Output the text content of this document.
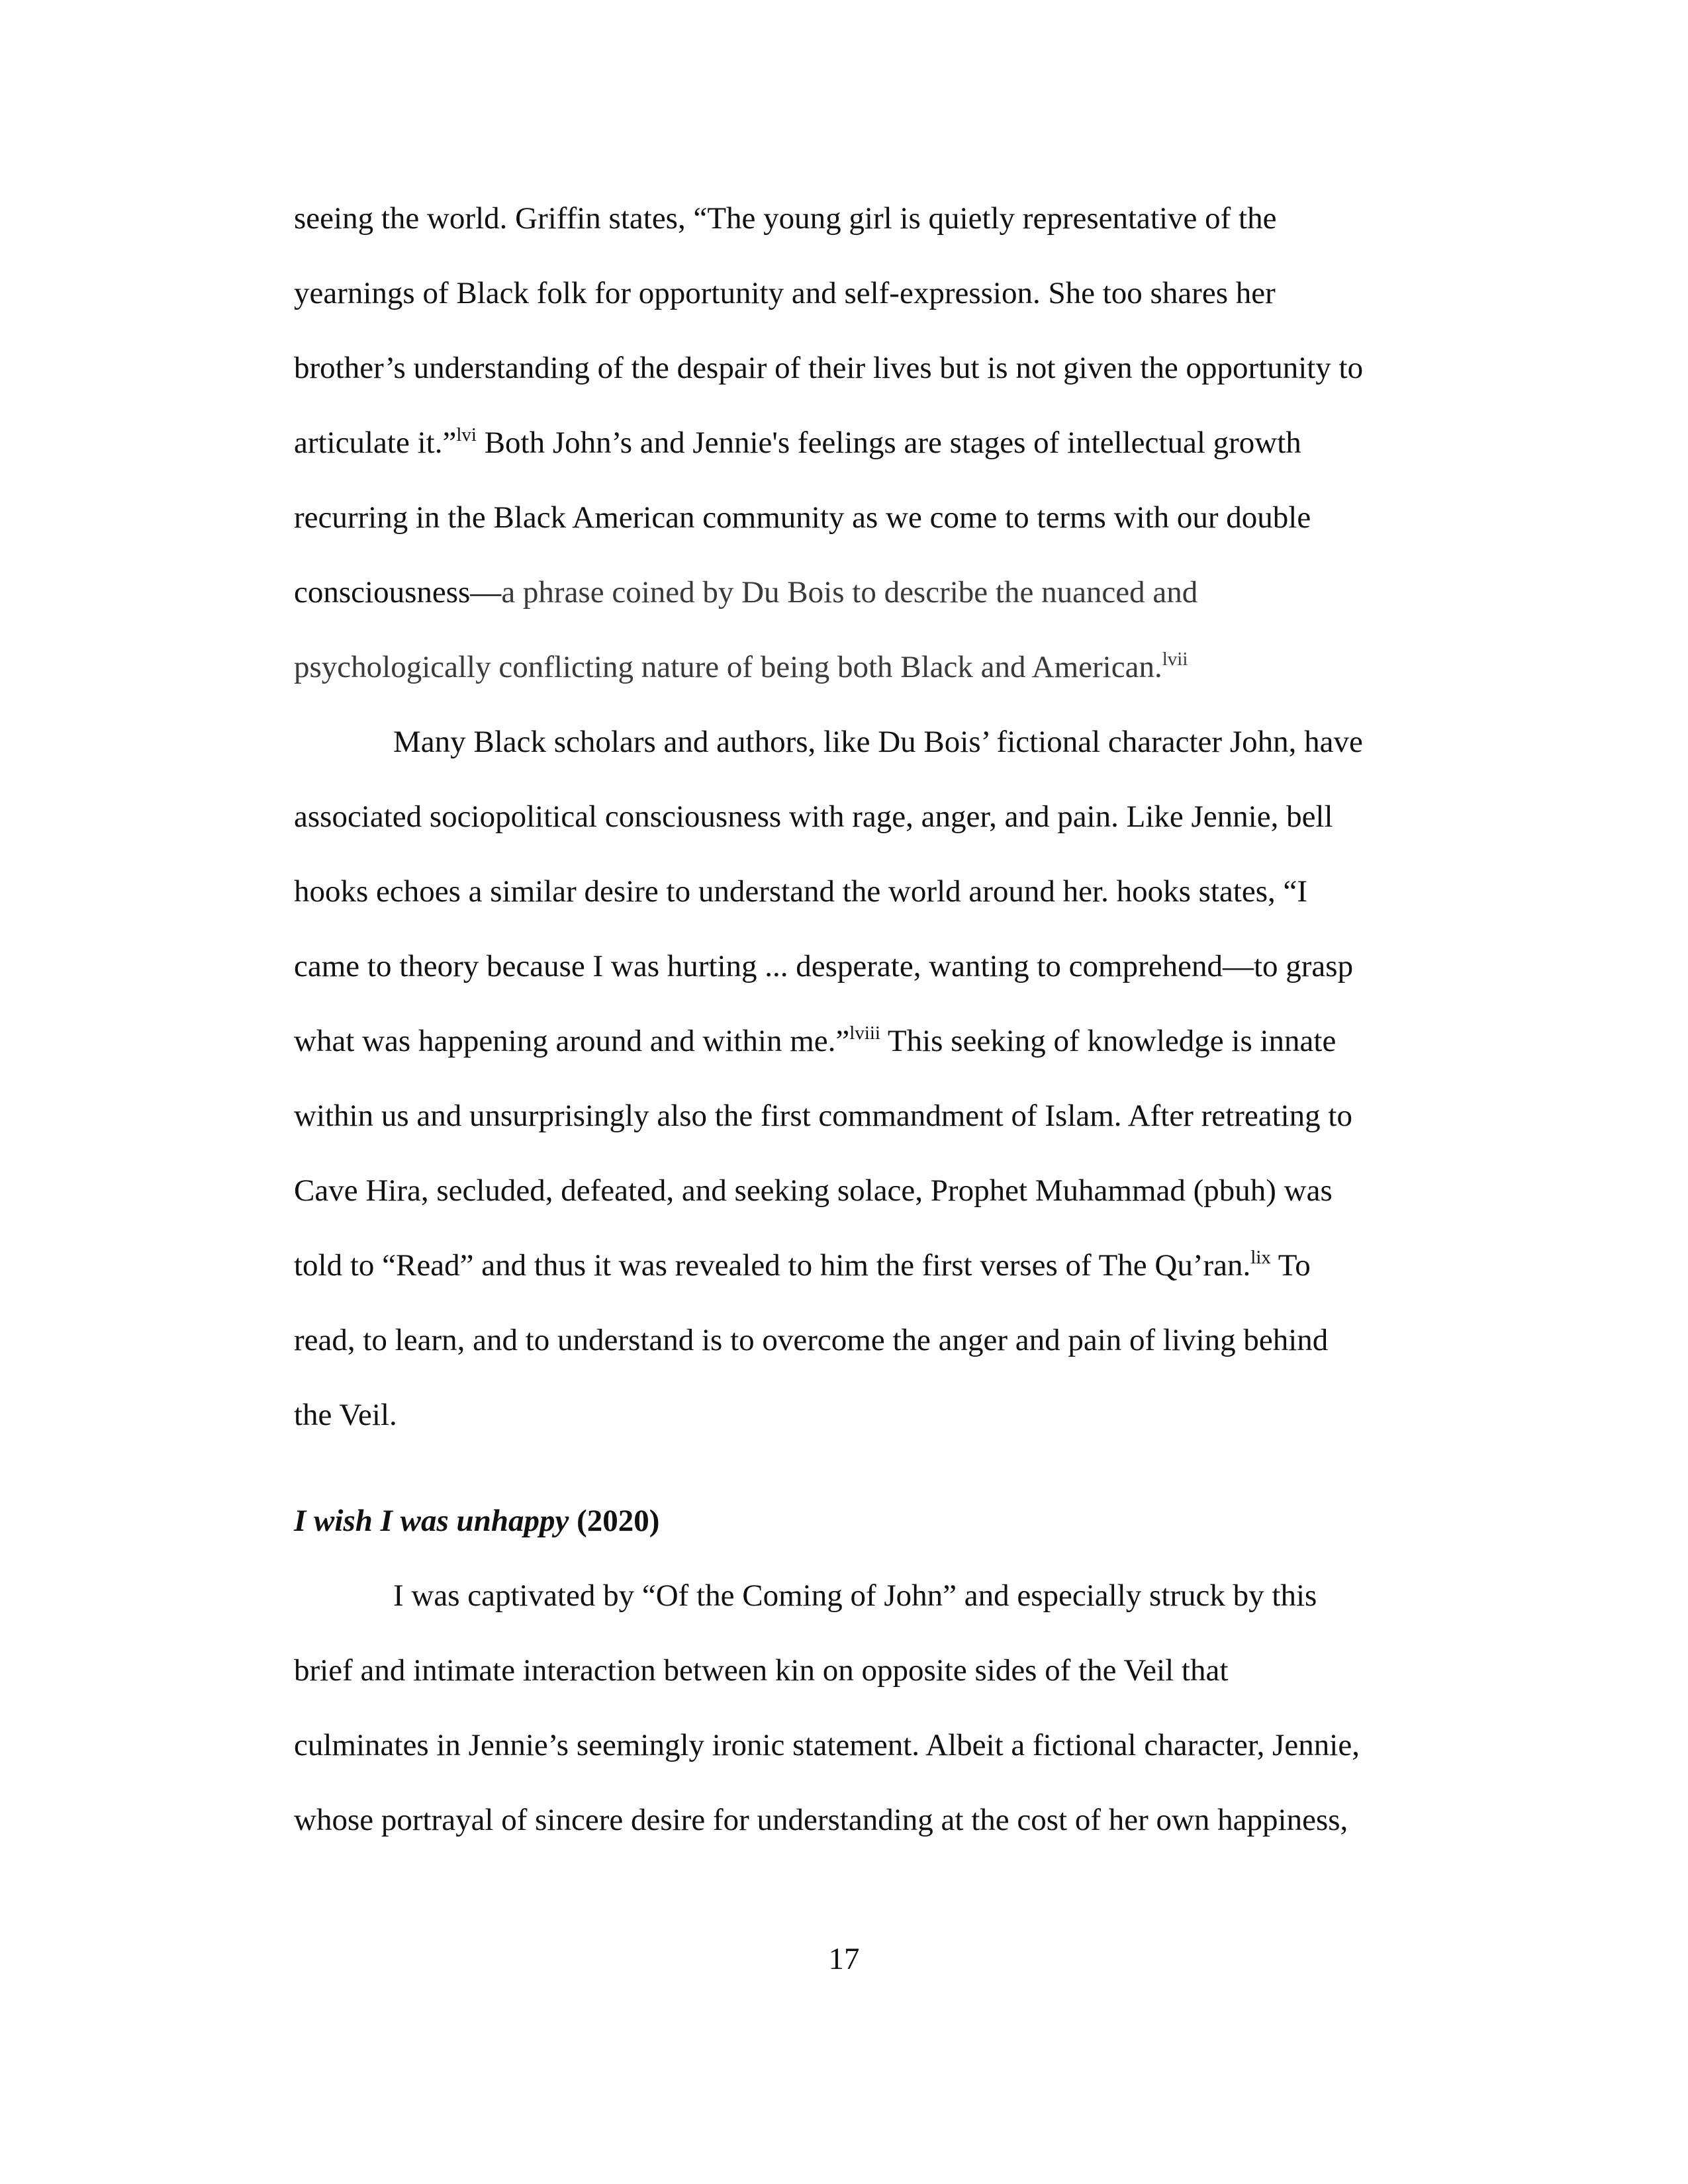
seeing the world. Griffin states, “The young girl is quietly representative of the
yearnings of Black folk for opportunity and self-expression. She too shares her
brother’s understanding of the despair of their lives but is not given the opportunity to
articulate it.”$^{lvi}$ Both John’s and Jennie's feelings are stages of intellectual growth
recurring in the Black American community as we come to terms with our double
consciousness—a phrase coined by Du Bois to describe the nuanced and
psychologically conflicting nature of being both Black and American.$^{lvii}$
Many Black scholars and authors, like Du Bois’ fictional character John, have
associated sociopolitical consciousness with rage, anger, and pain. Like Jennie, bell
hooks echoes a similar desire to understand the world around her. hooks states, “I
came to theory because I was hurting ... desperate, wanting to comprehend—to grasp
what was happening around and within me.”$^{lviii}$ This seeking of knowledge is innate
within us and unsurprisingly also the first commandment of Islam. After retreating to
Cave Hira, secluded, defeated, and seeking solace, Prophet Muhammad (pbuh) was
told to “Read” and thus it was revealed to him the first verses of The Qu’ran.$^{lix}$ To
read, to learn, and to understand is to overcome the anger and pain of living behind
the Veil.
I wish I was unhappy (2020)
I was captivated by “Of the Coming of John” and especially struck by this
brief and intimate interaction between kin on opposite sides of the Veil that
culminates in Jennie’s seemingly ironic statement. Albeit a fictional character, Jennie,
whose portrayal of sincere desire for understanding at the cost of her own happiness,
17
